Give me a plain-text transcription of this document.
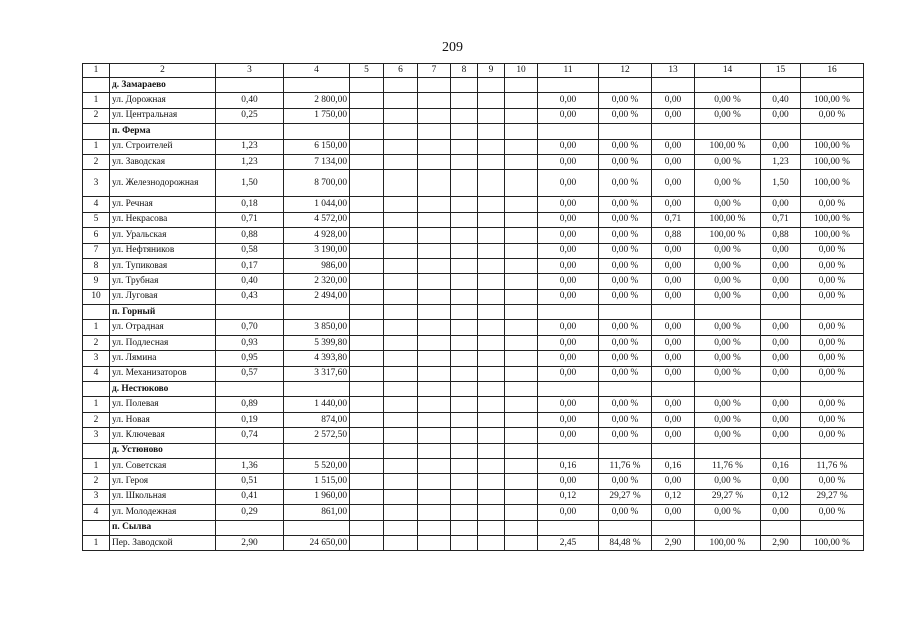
209
1	2	3	4	5	6	7	8	9	10	11	12	13	14	15	16
	д. Замараево														
1	ул. Дорожная	0,40	2 800,00							0,00	0,00 %	0,00	0,00 %	0,40	100,00 %
2	ул. Центральная	0,25	1 750,00							0,00	0,00 %	0,00	0,00 %	0,00	0,00 %
	п. Ферма														
1	ул. Строителей	1,23	6 150,00							0,00	0,00 %	0,00	100,00 %	0,00	100,00 %
2	ул. Заводская	1,23	7 134,00							0,00	0,00 %	0,00	0,00 %	1,23	100,00 %
3	ул. Железнодорожная	1,50	8 700,00							0,00	0,00 %	0,00	0,00 %	1,50	100,00 %
4	ул. Речная	0,18	1 044,00							0,00	0,00 %	0,00	0,00 %	0,00	0,00 %
5	ул. Некрасова	0,71	4 572,00							0,00	0,00 %	0,71	100,00 %	0,71	100,00 %
6	ул. Уральская	0,88	4 928,00							0,00	0,00 %	0,88	100,00 %	0,88	100,00 %
7	ул. Нефтяников	0,58	3 190,00							0,00	0,00 %	0,00	0,00 %	0,00	0,00 %
8	ул. Тупиковая	0,17	986,00							0,00	0,00 %	0,00	0,00 %	0,00	0,00 %
9	ул. Трубная	0,40	2 320,00							0,00	0,00 %	0,00	0,00 %	0,00	0,00 %
10	ул. Луговая	0,43	2 494,00							0,00	0,00 %	0,00	0,00 %	0,00	0,00 %
	п. Горный														
1	ул. Отрадная	0,70	3 850,00							0,00	0,00 %	0,00	0,00 %	0,00	0,00 %
2	ул. Подлесная	0,93	5 399,80							0,00	0,00 %	0,00	0,00 %	0,00	0,00 %
3	ул. Лямина	0,95	4 393,80							0,00	0,00 %	0,00	0,00 %	0,00	0,00 %
4	ул. Механизаторов	0,57	3 317,60							0,00	0,00 %	0,00	0,00 %	0,00	0,00 %
	д. Нестюково														
1	ул. Полевая	0,89	1 440,00							0,00	0,00 %	0,00	0,00 %	0,00	0,00 %
2	ул. Новая	0,19	874,00							0,00	0,00 %	0,00	0,00 %	0,00	0,00 %
3	ул. Ключевая	0,74	2 572,50							0,00	0,00 %	0,00	0,00 %	0,00	0,00 %
	д. Устюново														
1	ул. Советская	1,36	5 520,00							0,16	11,76 %	0,16	11,76 %	0,16	11,76 %
2	ул. Героя	0,51	1 515,00							0,00	0,00 %	0,00	0,00 %	0,00	0,00 %
3	ул. Школьная	0,41	1 960,00							0,12	29,27 %	0,12	29,27 %	0,12	29,27 %
4	ул. Молодежная	0,29	861,00							0,00	0,00 %	0,00	0,00 %	0,00	0,00 %
	п. Сылва														
1	Пер. Заводской	2,90	24 650,00							2,45	84,48 %	2,90	100,00 %	2,90	100,00 %
